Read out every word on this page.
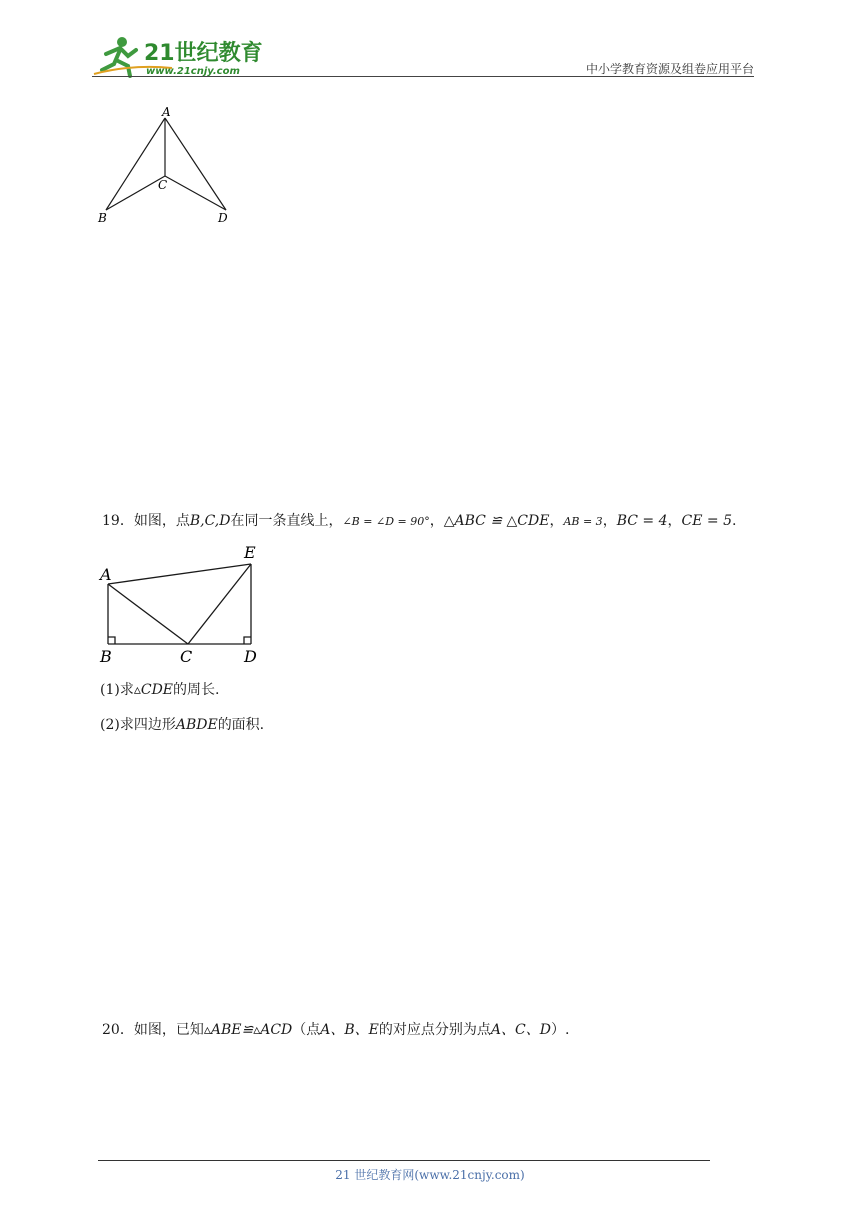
21世纪教育
www.21cnjy.com	中小学教育资源及组卷应用平台
A
B
C
D
19．如图，点B,C,D在同一条直线上，∠B = ∠D = 90°，△ABC ≌ △CDE，AB = 3，BC = 4，CE = 5.
A
E
B	C	D
(1)求▵CDE的周长.
(2)求四边形ABDE的面积.
20．如图，已知▵ABE≌▵ACD（点A、B、E的对应点分别为点A、C、D）.
21 世纪教育网(www.21cnjy.com)
